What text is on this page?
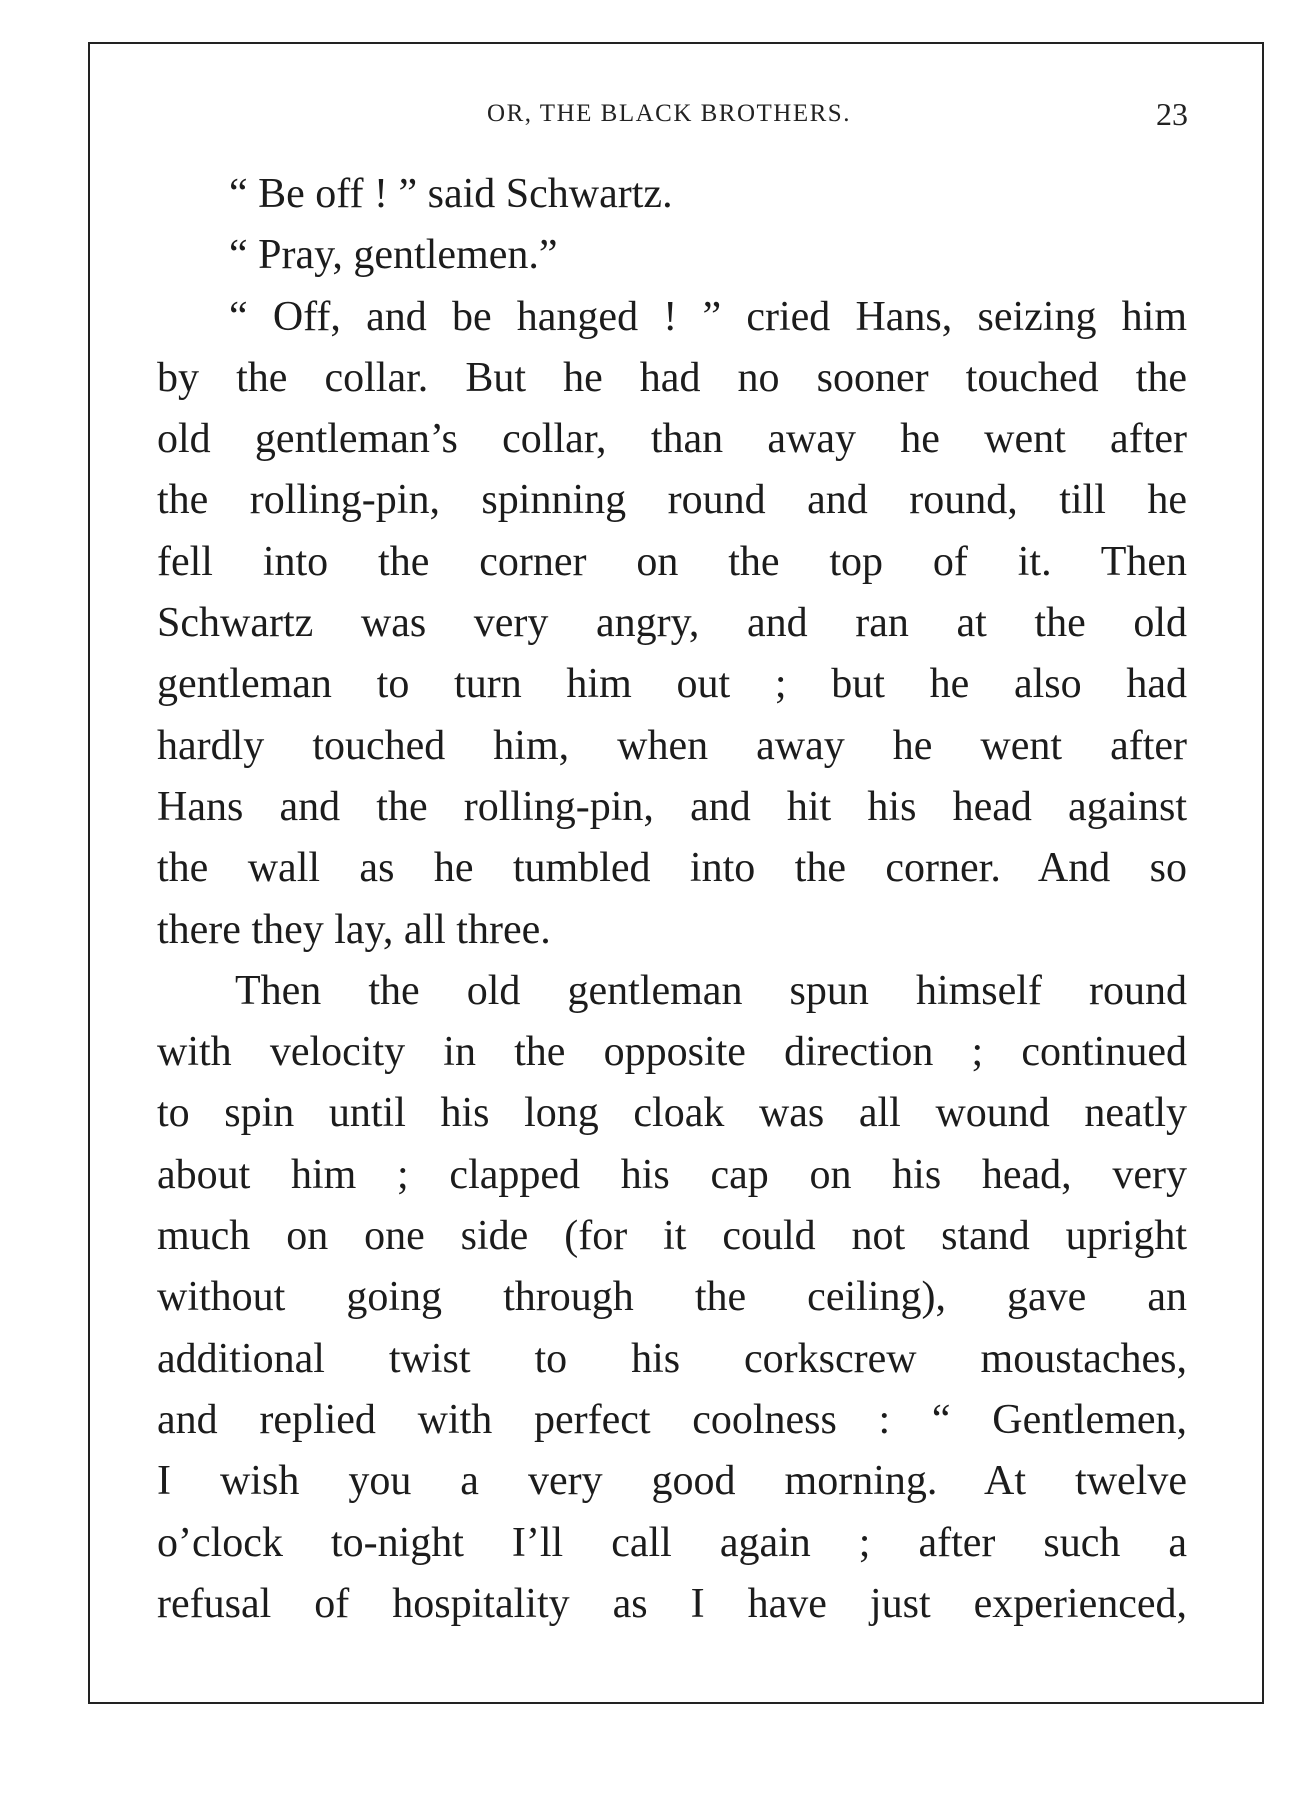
OR, THE BLACK BROTHERS.	23
“ Be off ! ” said Schwartz.
“ Pray, gentlemen.”
“ Off, and be hanged ! ” cried Hans, seizing him
by the collar. But he had no sooner touched the
old gentleman’s collar, than away he went after
the rolling-pin, spinning round and round, till he
fell into the corner on the top of it. Then
Schwartz was very angry, and ran at the old
gentleman to turn him out ; but he also had
hardly touched him, when away he went after
Hans and the rolling-pin, and hit his head against
the wall as he tumbled into the corner. And so
there they lay, all three.
Then the old gentleman spun himself round
with velocity in the opposite direction ; continued
to spin until his long cloak was all wound neatly
about him ; clapped his cap on his head, very
much on one side (for it could not stand upright
without going through the ceiling), gave an
additional twist to his corkscrew moustaches,
and replied with perfect coolness : “ Gentlemen,
I wish you a very good morning. At twelve
o’clock to-night I’ll call again ; after such a
refusal of hospitality as I have just experienced,
